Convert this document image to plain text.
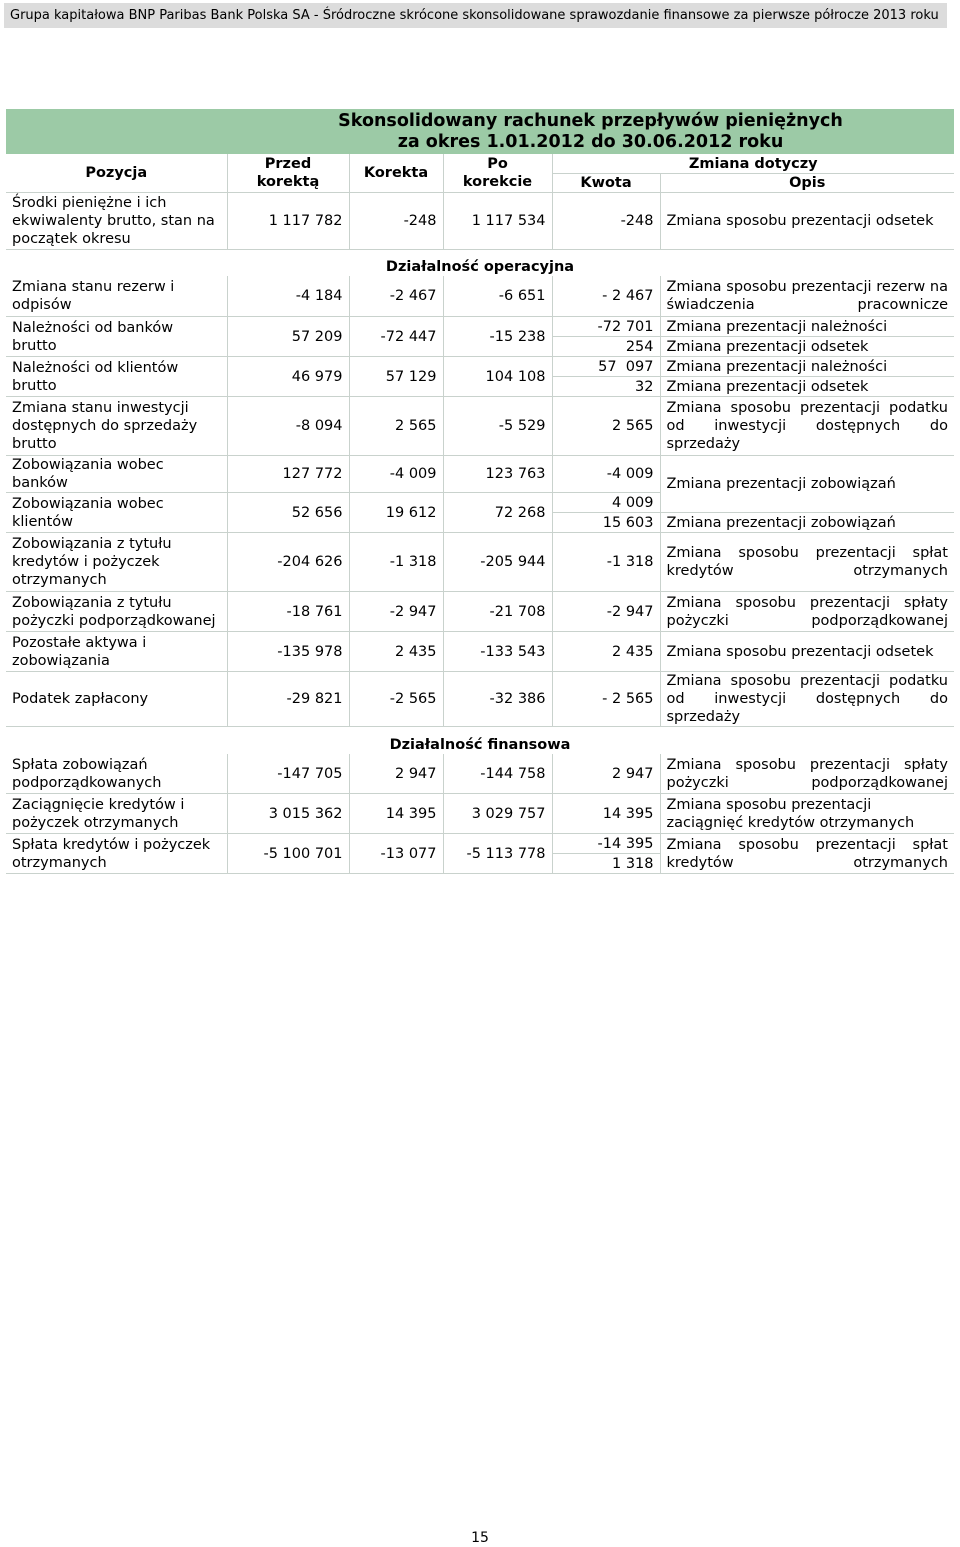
Grupa kapitałowa BNP Paribas Bank Polska SA - Śródroczne skrócone skonsolidowane sprawozdanie finansowe za pierwsze półrocze 2013 roku

	Skonsolidowany rachunek przepływów pieniężnych
za okres 1.01.2012 do 30.06.2012 roku				

Pozycja	Przed korektą	Korekta	Po korekcie	Zmiana dotyczy	
				Kwota	Opis
Środki pieniężne i ich ekwiwalenty brutto, stan na początek okresu	1 117 782	-248	1 117 534	-248	Zmiana sposobu prezentacji odsetek
Działalność operacyjna					
Zmiana stanu rezerw i odpisów	-4 184	-2 467	-6 651	- 2 467	Zmiana sposobu prezentacji rezerw na świadczenia pracownicze
Należności od banków brutto	57 209	-72 447	-15 238	-72 701	Zmiana prezentacji należności
				254	Zmiana prezentacji odsetek
Należności od klientów brutto	46 979	57 129	104 108	57  097	Zmiana prezentacji należności
				32	Zmiana prezentacji odsetek
Zmiana stanu inwestycji dostępnych do sprzedaży brutto	-8 094	2 565	-5 529	2 565	Zmiana sposobu prezentacji podatku od inwestycji dostępnych do sprzedaży
Zobowiązania wobec banków	127 772	-4 009	123 763	-4 009	Zmiana prezentacji zobowiązań
Zobowiązania wobec klientów	52 656	19 612	72 268	4 009	
				15 603	Zmiana prezentacji zobowiązań
Zobowiązania z tytułu kredytów i pożyczek otrzymanych	-204 626	-1 318	-205 944	-1 318	Zmiana sposobu prezentacji spłat kredytów otrzymanych
Zobowiązania z tytułu pożyczki podporządkowanej	-18 761	-2 947	-21 708	-2 947	Zmiana sposobu prezentacji spłaty pożyczki podporządkowanej
Pozostałe aktywa i zobowiązania	-135 978	2 435	-133 543	2 435	Zmiana sposobu prezentacji odsetek
Podatek zapłacony	-29 821	-2 565	-32 386	- 2 565	Zmiana sposobu prezentacji podatku od inwestycji dostępnych do sprzedaży
Działalność finansowa					
Spłata zobowiązań podporządkowanych	-147 705	2 947	-144 758	2 947	Zmiana sposobu prezentacji spłaty pożyczki podporządkowanej
Zaciągnięcie kredytów i pożyczek otrzymanych	3 015 362	14 395	3 029 757	14 395	Zmiana sposobu prezentacji zaciągnięć kredytów otrzymanych
Spłata kredytów i pożyczek otrzymanych	-5 100 701	-13 077	-5 113 778	-14 395	Zmiana sposobu prezentacji spłat kredytów otrzymanych
				1 318	
15
